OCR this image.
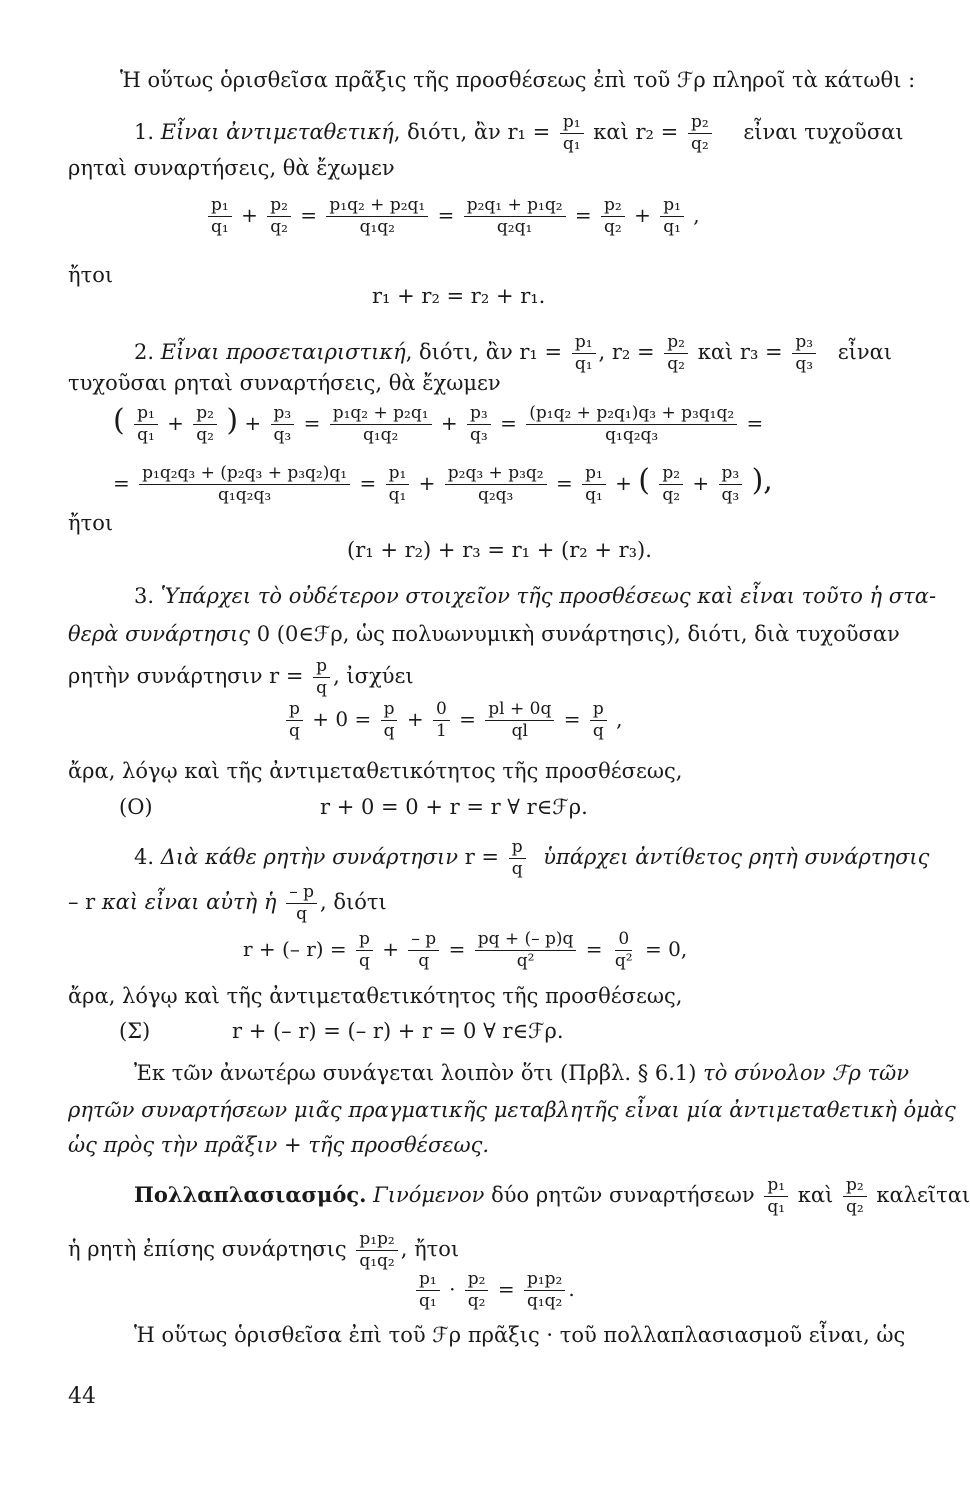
Ἡ οὕτως ὁρισθεῖσα πρᾶξις τῆς προσθέσεως ἐπὶ τοῦ ℱρ πληροῖ τὰ κάτωθι :
1. Εἶναι ἀντιμεταθετική, διότι, ἂν $r_1 = \frac{\text{p₁}}{\text{q₁}}$ καὶ $r_2 = \frac{\text{p₂}}{\text{q₂}}$ εἶναι τυχοῦσαι
ρηταὶ συναρτήσεις, θὰ ἔχωμεν
$\frac{\text{p₁}}{\text{q₁}} + \frac{\text{p₂}}{\text{q₂}} = \frac{\text{p₁q₂ + p₂q₁}}{\text{q₁q₂}} = \frac{\text{p₂q₁ + p₁q₂}}{\text{q₂q₁}} = \frac{\text{p₂}}{\text{q₂}} + \frac{\text{p₁}}{\text{q₁}}$ ,
ἤτοι
r₁ + r₂ = r₂ + r₁.
2. Εἶναι προσεταιριστική, διότι, ἂν $r_1 = \frac{\text{p₁}}{\text{q₁}}$ , $r_2 = \frac{\text{p₂}}{\text{q₂}}$ καὶ $r_3 = \frac{\text{p₃}}{\text{q₃}}$ εἶναι
τυχοῦσαι ρηταὶ συναρτήσεις, θὰ ἔχωμεν
( $\frac{\text{p₁}}{\text{q₁}} + \frac{\text{p₂}}{\text{q₂}}$ ) + $\frac{\text{p₃}}{\text{q₃}} = \frac{\text{p₁q₂ + p₂q₁}}{\text{q₁q₂}} + \frac{\text{p₃}}{\text{q₃}} = \frac{\text{(p₁q₂ + p₂q₁)q₃ + p₃q₁q₂}}{\text{q₁q₂q₃}}$ =
= $\frac{\text{p₁q₂q₃ + (p₂q₃ + p₃q₂)q₁}}{\text{q₁q₂q₃}} = \frac{\text{p₁}}{\text{q₁}} + \frac{\text{p₂q₃ + p₃q₂}}{\text{q₂q₃}} = \frac{\text{p₁}}{\text{q₁}}$ + ( $\frac{\text{p₂}}{\text{q₂}} + \frac{\text{p₃}}{\text{q₃}}$ ),
ἤτοι
(r₁ + r₂) + r₃ = r₁ + (r₂ + r₃).
3. Ὑπάρχει τὸ οὐδέτερον στοιχεῖον τῆς προσθέσεως καὶ εἶναι τοῦτο ἡ στα-
θερὰ συνάρτησις 0 (0∈ℱρ, ὡς πολυωνυμικὴ συνάρτησις), διότι, διὰ τυχοῦσαν
ρητὴν συνάρτησιν $r = \frac{p}{q}$ , ἰσχύει
$\frac{p}{q} + 0 = \frac{p}{q} + \frac{0}{1} = \frac{pl + 0q}{ql} = \frac{p}{q}$ ,
ἄρα, λόγῳ καὶ τῆς ἀντιμεταθετικότητος τῆς προσθέσεως,
(Ο)	r + 0 = 0 + r = r ∀ r∈ℱρ.
4. Διὰ κάθε ρητὴν συνάρτησιν $r = \frac{p}{q}$ ὑπάρχει ἀντίθετος ρητὴ συνάρτησις
– r καὶ εἶναι αὐτὴ ἡ $\frac{- p}{q}$ , διότι
r + (– $r) = \frac{p}{q} + \frac{- p}{q} = \frac{pq + (- p)q}{\text{q²}} = \frac{0}{\text{q²}} = 0$,
ἄρα, λόγῳ καὶ τῆς ἀντιμεταθετικότητος τῆς προσθέσεως,
(Σ)	r + (– r) = (– r) + r = 0 ∀ r∈ℱρ.
Ἐκ τῶν ἀνωτέρω συνάγεται λοιπὸν ὅτι (Πρβλ. § 6.1) τὸ σύνολον ℱρ τῶν
ρητῶν συναρτήσεων μιᾶς πραγματικῆς μεταβλητῆς εἶναι μία ἀντιμεταθετικὴ ὁμὰς
ὡς πρὸς τὴν πρᾶξιν + τῆς προσθέσεως.
Πολλαπλασιασμός. Γινόμενον δύο ρητῶν συναρτήσεων $\frac{\text{p₁}}{\text{q₁}}$ καὶ $\frac{\text{p₂}}{\text{q₂}}$ καλεῖται
ἡ ρητὴ ἐπίσης συνάρτησις $\frac{\text{p₁p₂}}{\text{q₁q₂}}$ , ἤτοι
$\frac{\text{p₁}}{\text{q₁}} \cdot \frac{\text{p₂}}{\text{q₂}} = \frac{\text{p₁p₂}}{\text{q₁q₂}}$ .
Ἡ οὕτως ὁρισθεῖσα ἐπὶ τοῦ ℱρ πρᾶξις · τοῦ πολλαπλασιασμοῦ εἶναι, ὡς
44
